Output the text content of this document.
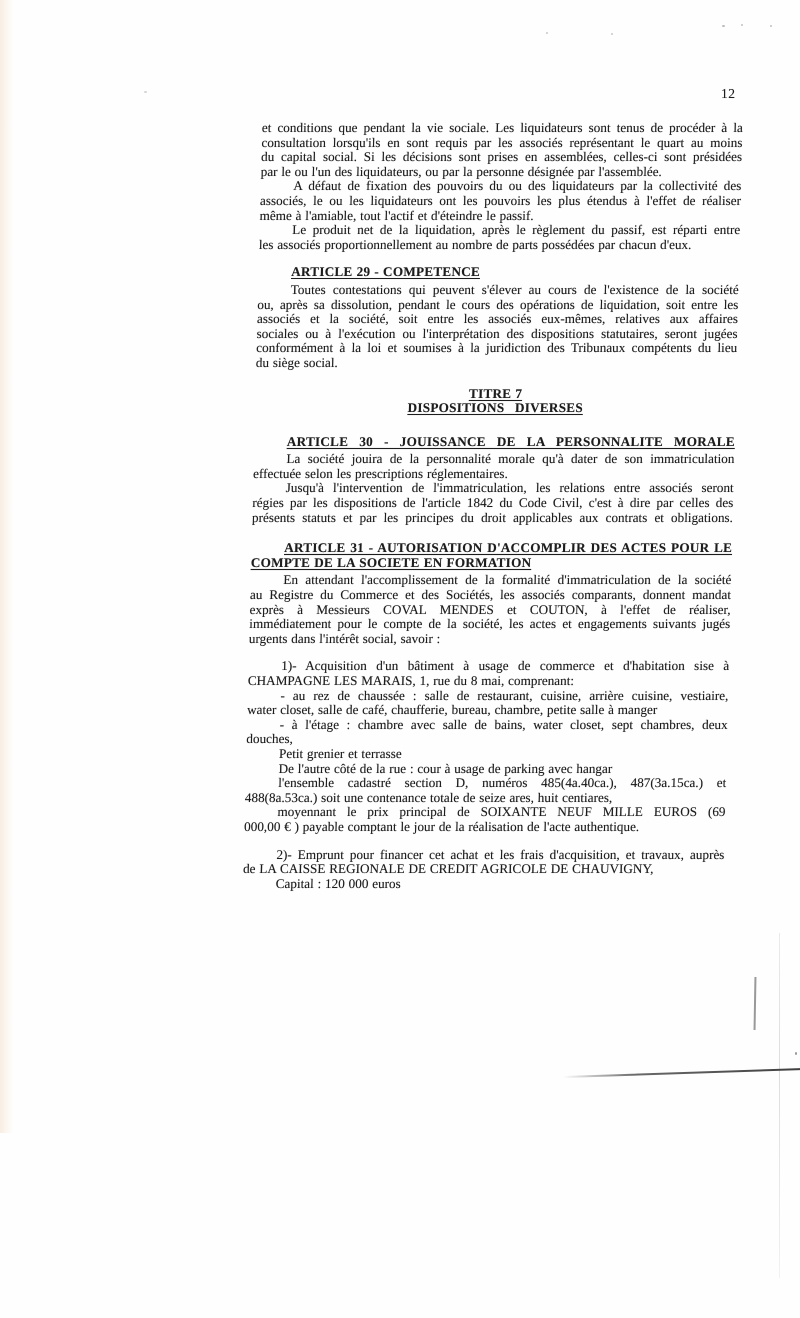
12
et conditions que pendant la vie sociale. Les liquidateurs sont tenus de procéder à la
consultation lorsqu'ils en sont requis par les associés représentant le quart au moins
du capital social. Si les décisions sont prises en assemblées, celles-ci sont présidées
par le ou l'un des liquidateurs, ou par la personne désignée par l'assemblée.
A défaut de fixation des pouvoirs du ou des liquidateurs par la collectivité des
associés, le ou les liquidateurs ont les pouvoirs les plus étendus à l'effet de réaliser
même à l'amiable, tout l'actif et d'éteindre le passif.
Le produit net de la liquidation, après le règlement du passif, est réparti entre
les associés proportionnellement au nombre de parts possédées par chacun d'eux.
ARTICLE 29 - COMPETENCE
Toutes contestations qui peuvent s'élever au cours de l'existence de la société
ou, après sa dissolution, pendant le cours des opérations de liquidation, soit entre les
associés et la société, soit entre les associés eux-mêmes, relatives aux affaires
sociales ou à l'exécution ou l'interprétation des dispositions statutaires, seront jugées
conformément à la loi et soumises à la juridiction des Tribunaux compétents du lieu
du siège social.
TITRE 7
DISPOSITIONS DIVERSES
ARTICLE 30 - JOUISSANCE DE LA PERSONNALITE MORALE
La société jouira de la personnalité morale qu'à dater de son immatriculation
effectuée selon les prescriptions réglementaires.
Jusqu'à l'intervention de l'immatriculation, les relations entre associés seront
régies par les dispositions de l'article 1842 du Code Civil, c'est à dire par celles des
présents statuts et par les principes du droit applicables aux contrats et obligations.
ARTICLE 31 - AUTORISATION D'ACCOMPLIR DES ACTES POUR LE
COMPTE DE LA SOCIETE EN FORMATION
En attendant l'accomplissement de la formalité d'immatriculation de la société
au Registre du Commerce et des Sociétés, les associés comparants, donnent mandat
exprès à Messieurs COVAL MENDES et COUTON, à l'effet de réaliser,
immédiatement pour le compte de la société, les actes et engagements suivants jugés
urgents dans l'intérêt social, savoir :
1)- Acquisition d'un bâtiment à usage de commerce et d'habitation sise à
CHAMPAGNE LES MARAIS, 1, rue du 8 mai, comprenant:
- au rez de chaussée : salle de restaurant, cuisine, arrière cuisine, vestiaire,
water closet, salle de café, chaufferie, bureau, chambre, petite salle à manger
- à l'étage : chambre avec salle de bains, water closet, sept chambres, deux
douches,
Petit grenier et terrasse
De l'autre côté de la rue : cour à usage de parking avec hangar
l'ensemble cadastré section D, numéros 485(4a.40ca.), 487(3a.15ca.) et
488(8a.53ca.) soit une contenance totale de seize ares, huit centiares,
moyennant le prix principal de SOIXANTE NEUF MILLE EUROS (69
000,00 € ) payable comptant le jour de la réalisation de l'acte authentique.
2)- Emprunt pour financer cet achat et les frais d'acquisition, et travaux, auprès
de LA CAISSE REGIONALE DE CREDIT AGRICOLE DE CHAUVIGNY,
Capital : 120 000 euros
